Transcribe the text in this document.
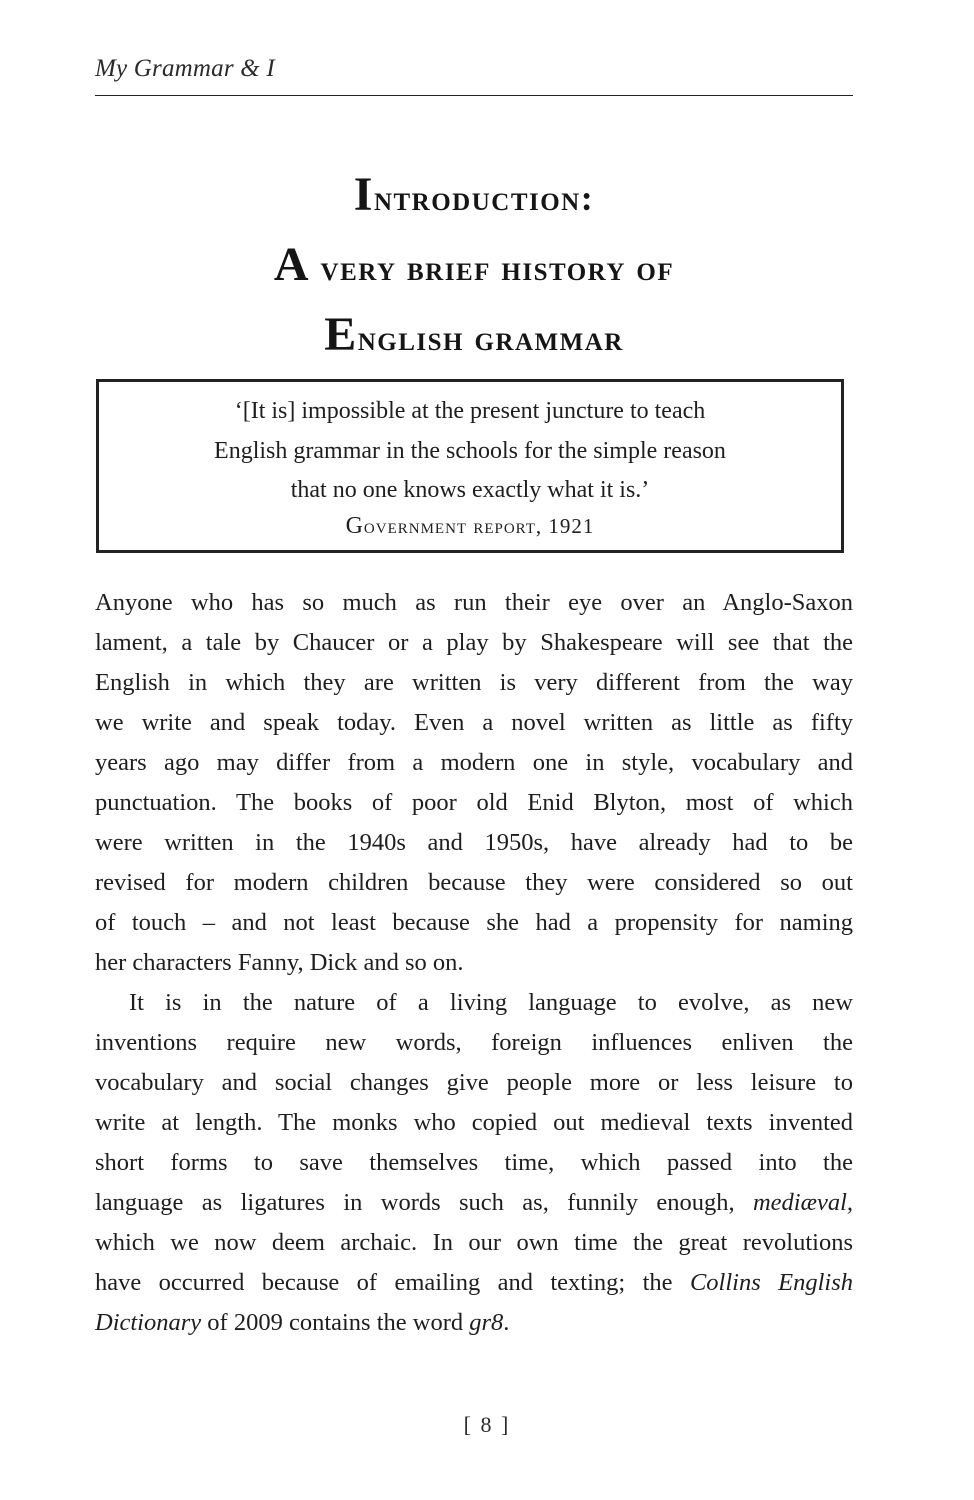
My Grammar & I
Introduction:
A very brief history of
English grammar
‘[It is] impossible at the present juncture to teach
English grammar in the schools for the simple reason
that no one knows exactly what it is.’
Government report, 1921
Anyone who has so much as run their eye over an Anglo-Saxon
lament, a tale by Chaucer or a play by Shakespeare will see that the
English in which they are written is very different from the way
we write and speak today. Even a novel written as little as fifty
years ago may differ from a modern one in style, vocabulary and
punctuation. The books of poor old Enid Blyton, most of which
were written in the 1940s and 1950s, have already had to be
revised for modern children because they were considered so out
of touch – and not least because she had a propensity for naming
her characters Fanny, Dick and so on.
It is in the nature of a living language to evolve, as new
inventions require new words, foreign influences enliven the
vocabulary and social changes give people more or less leisure to
write at length. The monks who copied out medieval texts invented
short forms to save themselves time, which passed into the
language as ligatures in words such as, funnily enough, mediæval,
which we now deem archaic. In our own time the great revolutions
have occurred because of emailing and texting; the Collins English
Dictionary of 2009 contains the word gr8.
[ 8 ]
